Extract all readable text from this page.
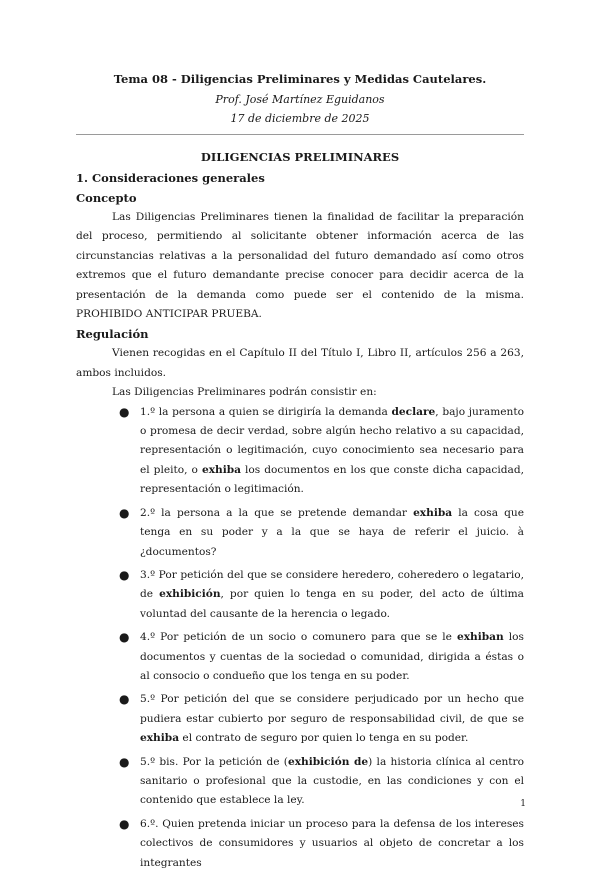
Tema 08 - Diligencias Preliminares y Medidas Cautelares.
Prof. José Martínez Eguidanos
17 de diciembre de 2025
DILIGENCIAS PRELIMINARES
1. Consideraciones generales
Concepto

Las Diligencias Preliminares tienen la finalidad de facilitar la preparación del proceso, permitiendo al solicitante obtener información acerca de las circunstancias relativas a la personalidad del futuro demandado así como otros extremos que el futuro demandante precise conocer para decidir acerca de la presentación de la demanda como puede ser el contenido de la misma. PROHIBIDO ANTICIPAR PRUEBA.

Regulación

Vienen recogidas en el Capítulo II del Título I, Libro II, artículos 256 a 263, ambos incluidos.

Las Diligencias Preliminares podrán consistir en:

● 1.º la persona a quien se dirigiría la demanda declare, bajo juramento o promesa de decir verdad, sobre algún hecho relativo a su capacidad, representación o legitimación, cuyo conocimiento sea necesario para el pleito, o exhiba los documentos en los que conste dicha capacidad, representación o legitimación.
● 2.º la persona a la que se pretende demandar exhiba la cosa que tenga en su poder y a la que se haya de referir el juicio. à ¿documentos?
● 3.º Por petición del que se considere heredero, coheredero o legatario, de exhibición, por quien lo tenga en su poder, del acto de última voluntad del causante de la herencia o legado.
● 4.º Por petición de un socio o comunero para que se le exhiban los documentos y cuentas de la sociedad o comunidad, dirigida a éstas o al consocio o condueño que los tenga en su poder.
● 5.º Por petición del que se considere perjudicado por un hecho que pudiera estar cubierto por seguro de responsabilidad civil, de que se exhiba el contrato de seguro por quien lo tenga en su poder.
● 5.º bis. Por la petición de (exhibición de) la historia clínica al centro sanitario o profesional que la custodie, en las condiciones y con el contenido que establece la ley.
● 6.º. Quien pretenda iniciar un proceso para la defensa de los intereses colectivos de consumidores y usuarios al objeto de concretar a los integrantes
1
